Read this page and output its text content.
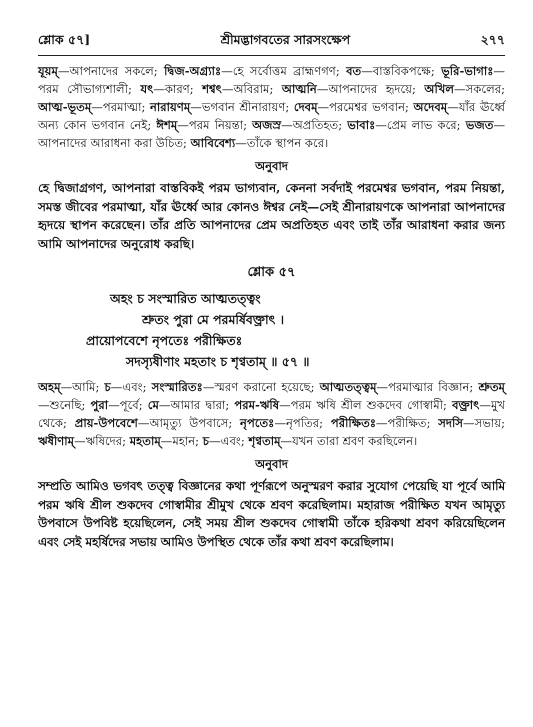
শ্লোক ৫৭]	শ্রীমদ্ভাগবতের সারসংক্ষেপ	২৭৭

যূয়ম্—আপনাদের সকলে; দ্বিজ-অগ্র্যাঃ—হে সর্বোত্তম ব্রাহ্মণগণ; বত—বাস্তবিকপক্ষে; ভূরি-ভাগাঃ—পরম সৌভাগ্যশালী; যৎ—কারণ; শশ্বৎ—অবিরাম; আত্মনি—আপনাদের হৃদয়ে; অখিল—সকলের; আত্ম-ভূতম্—পরমাত্মা; নারায়ণম্—ভগবান শ্রীনারায়ণ; দেবম্—পরমেশ্বর ভগবান; অদেবম্—যাঁর ঊর্ধ্বে অন্য কোন ভগবান নেই; ঈশম্—পরম নিয়ন্তা; অজস্র—অপ্রতিহত; ভাবাঃ—প্রেম লাভ করে; ভজত—আপনাদের আরাধনা করা উচিত; আবিবেশ্য—তাঁকে স্থাপন করে।

অনুবাদ

হে দ্বিজাগ্রগণ, আপনারা বাস্তবিকই পরম ভাগ্যবান, কেননা সর্বদাই পরমেশ্বর ভগবান, পরম নিয়ন্তা, সমস্ত জীবের পরমাত্মা, যাঁর ঊর্ধ্বে আর কোনও ঈশ্বর নেই—সেই শ্রীনারায়ণকে আপনারা আপনাদের হৃদয়ে স্থাপন করেছেন। তাঁর প্রতি আপনাদের প্রেম অপ্রতিহত এবং তাই তাঁর আরাধনা করার জন্য আমি আপনাদের অনুরোধ করছি।

শ্লোক ৫৭
অহং চ সংস্মারিত আত্মতত্ত্বং
শ্রুতং পুরা মে পরমর্ষিবক্ত্রাৎ ।
প্রায়োপবেশে নৃপতেঃ পরীক্ষিতঃ
সদস্যৃষীণাং মহতাং চ শৃণ্বতাম্ ॥ ৫৭ ॥

অহম্—আমি; চ—এবং; সংস্মারিতঃ—স্মরণ করানো হয়েছে; আত্মতত্ত্বম্—পরমাত্মার বিজ্ঞান; শ্রুতম্—শুনেছি; পুরা—পূর্বে; মে—আমার দ্বারা; পরম-ঋষি—পরম ঋষি শ্রীল শুকদেব গোস্বামী; বক্ত্রাৎ—মুখ থেকে; প্রায়-উপবেশে—আমৃত্যু উপবাসে; নৃপতেঃ—নৃপতির; পরীক্ষিতঃ—পরীক্ষিত; সদসি—সভায়; ঋষীণাম্—ঋষিদের; মহতাম্—মহান; চ—এবং; শৃণ্বতাম্—যখন তারা শ্রবণ করছিলেন।

অনুবাদ

সম্প্রতি আমিও ভগবৎ তত্ত্ব বিজ্ঞানের কথা পূর্ণরূপে অনুস্মরণ করার সুযোগ পেয়েছি যা পূর্বে আমি পরম ঋষি শ্রীল শুকদেব গোস্বামীর শ্রীমুখ থেকে শ্রবণ করেছিলাম। মহারাজ পরীক্ষিত যখন আমৃত্যু উপবাসে উপবিষ্ট হয়েছিলেন, সেই সময় শ্রীল শুকদেব গোস্বামী তাঁকে হরিকথা শ্রবণ করিয়েছিলেন এবং সেই মহর্ষিদের সভায় আমিও উপস্থিত থেকে তাঁর কথা শ্রবণ করেছিলাম।
